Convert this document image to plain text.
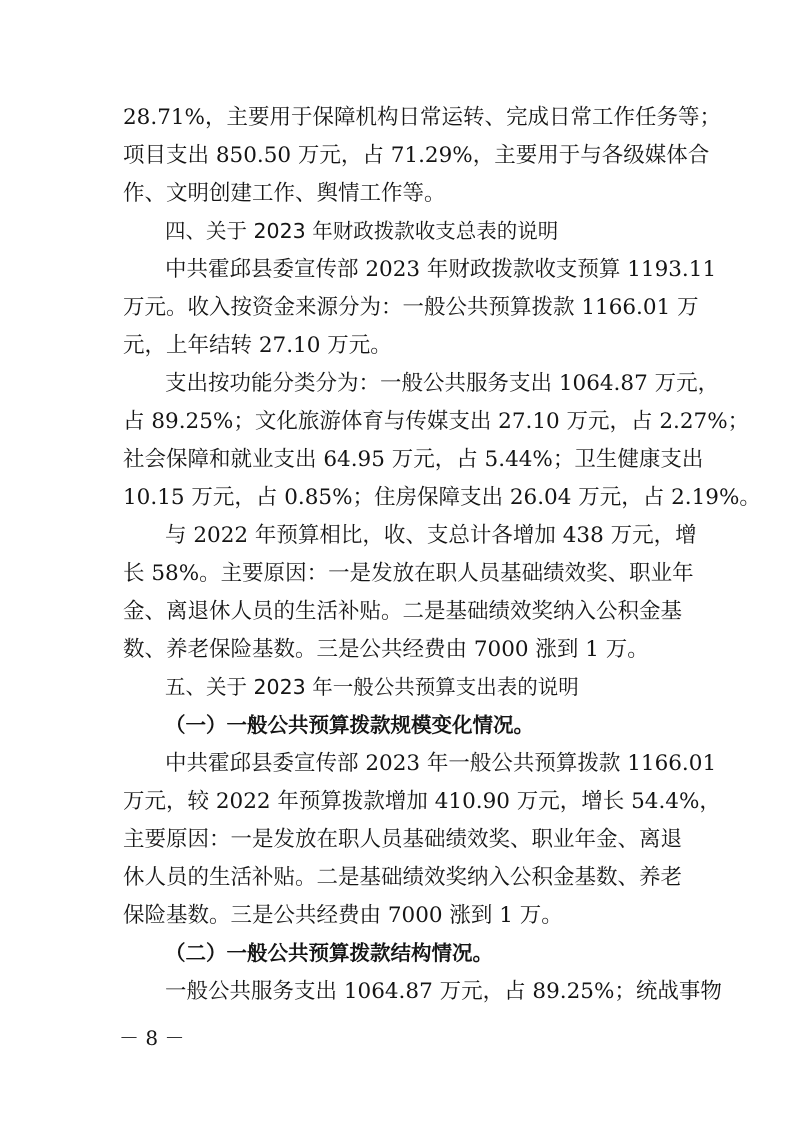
28.71%，主要用于保障机构日常运转、完成日常工作任务等；
项目支出 850.50 万元，占 71.29%，主要用于与各级媒体合
作、文明创建工作、舆情工作等。
四、关于 2023 年财政拨款收支总表的说明
中共霍邱县委宣传部 2023 年财政拨款收支预算 1193.11
万元。收入按资金来源分为：一般公共预算拨款 1166.01 万
元，上年结转 27.10 万元。
支出按功能分类分为：一般公共服务支出 1064.87 万元，
占 89.25%；文化旅游体育与传媒支出 27.10 万元，占 2.27%；
社会保障和就业支出 64.95 万元，占 5.44%；卫生健康支出
10.15 万元，占 0.85%；住房保障支出 26.04 万元，占 2.19%。
与 2022 年预算相比，收、支总计各增加 438 万元，增
长 58%。主要原因：一是发放在职人员基础绩效奖、职业年
金、离退休人员的生活补贴。二是基础绩效奖纳入公积金基
数、养老保险基数。三是公共经费由 7000 涨到 1 万。
五、关于 2023 年一般公共预算支出表的说明
（一）一般公共预算拨款规模变化情况。
中共霍邱县委宣传部 2023 年一般公共预算拨款 1166.01
万元，较 2022 年预算拨款增加 410.90 万元，增长 54.4%，
主要原因：一是发放在职人员基础绩效奖、职业年金、离退
休人员的生活补贴。二是基础绩效奖纳入公积金基数、养老
保险基数。三是公共经费由 7000 涨到 1 万。
（二）一般公共预算拨款结构情况。
一般公共服务支出 1064.87 万元，占 89.25%；统战事物
－ 8 －
